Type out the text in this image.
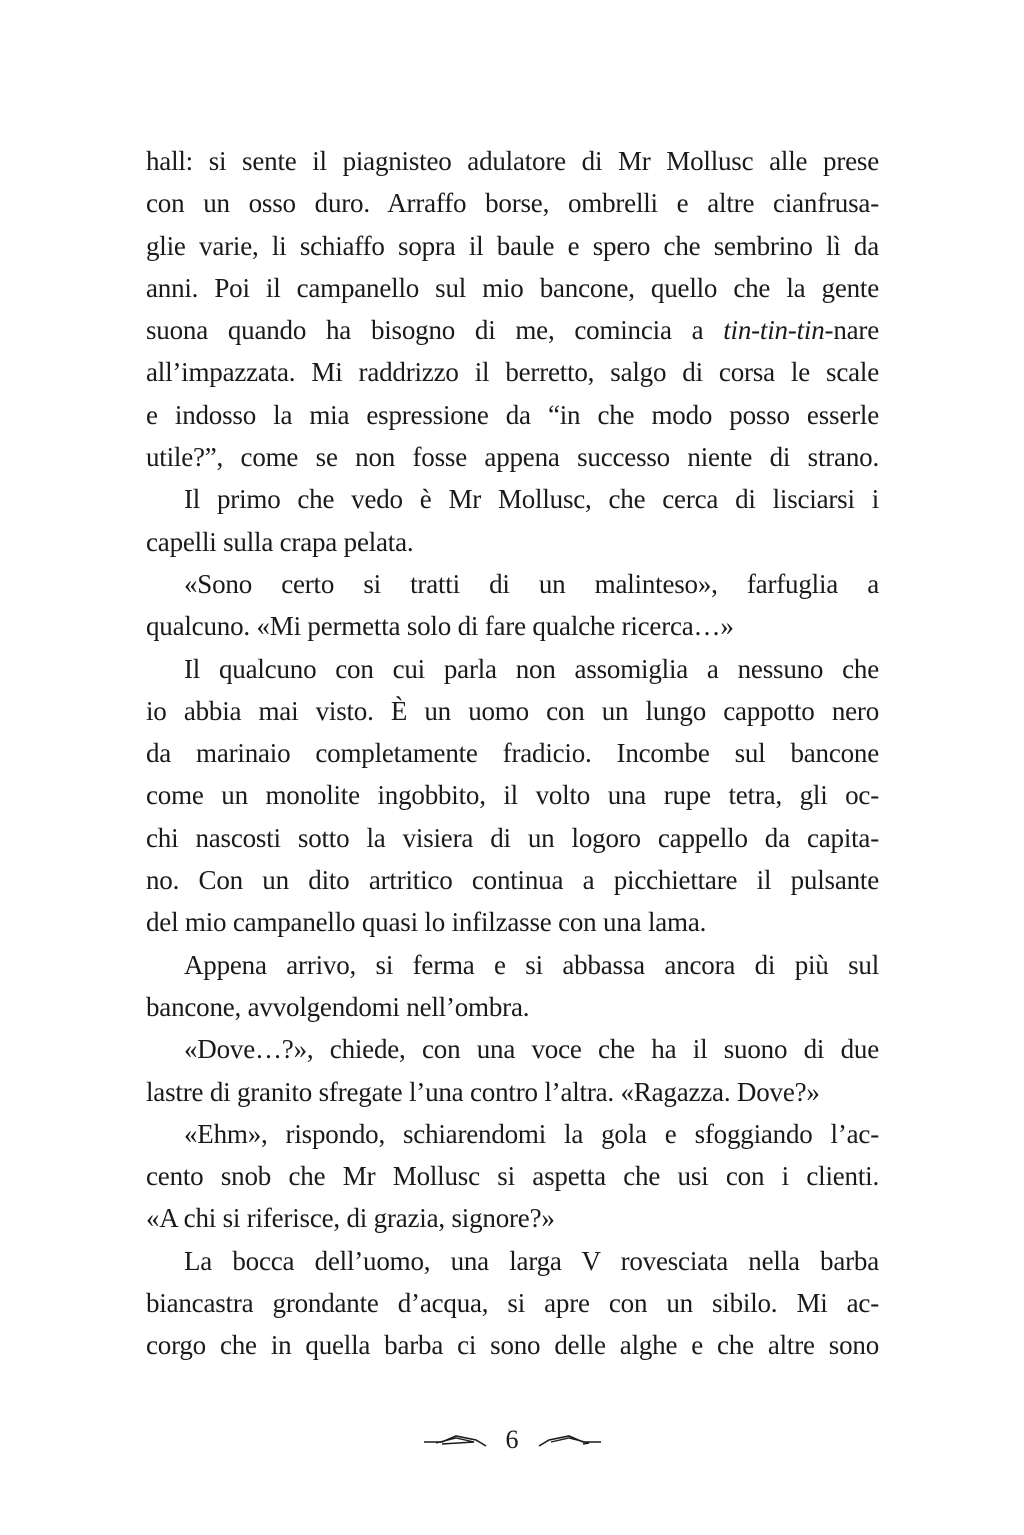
hall: si sente il piagnisteo adulatore di Mr Mollusc alle prese
con un osso duro. Arraffo borse, ombrelli e altre cianfrusa-
glie varie, li schiaffo sopra il baule e spero che sembrino lì da
anni. Poi il campanello sul mio bancone, quello che la gente
suona quando ha bisogno di me, comincia a tin-tin-tin-nare
all’impazzata. Mi raddrizzo il berretto, salgo di corsa le scale
e indosso la mia espressione da “in che modo posso esserle
utile?”, come se non fosse appena successo niente di strano.
Il primo che vedo è Mr Mollusc, che cerca di lisciarsi i
capelli sulla crapa pelata.
«Sono certo si tratti di un malinteso», farfuglia a
qualcuno. «Mi permetta solo di fare qualche ricerca…»
Il qualcuno con cui parla non assomiglia a nessuno che
io abbia mai visto. È un uomo con un lungo cappotto nero
da marinaio completamente fradicio. Incombe sul bancone
come un monolite ingobbito, il volto una rupe tetra, gli oc-
chi nascosti sotto la visiera di un logoro cappello da capita-
no. Con un dito artritico continua a picchiettare il pulsante
del mio campanello quasi lo infilzasse con una lama.
Appena arrivo, si ferma e si abbassa ancora di più sul
bancone, avvolgendomi nell’ombra.
«Dove…?», chiede, con una voce che ha il suono di due
lastre di granito sfregate l’una contro l’altra. «Ragazza. Dove?»
«Ehm», rispondo, schiarendomi la gola e sfoggiando l’ac-
cento snob che Mr Mollusc si aspetta che usi con i clienti.
«A chi si riferisce, di grazia, signore?»
La bocca dell’uomo, una larga V rovesciata nella barba
biancastra grondante d’acqua, si apre con un sibilo. Mi ac-
corgo che in quella barba ci sono delle alghe e che altre sono
6
